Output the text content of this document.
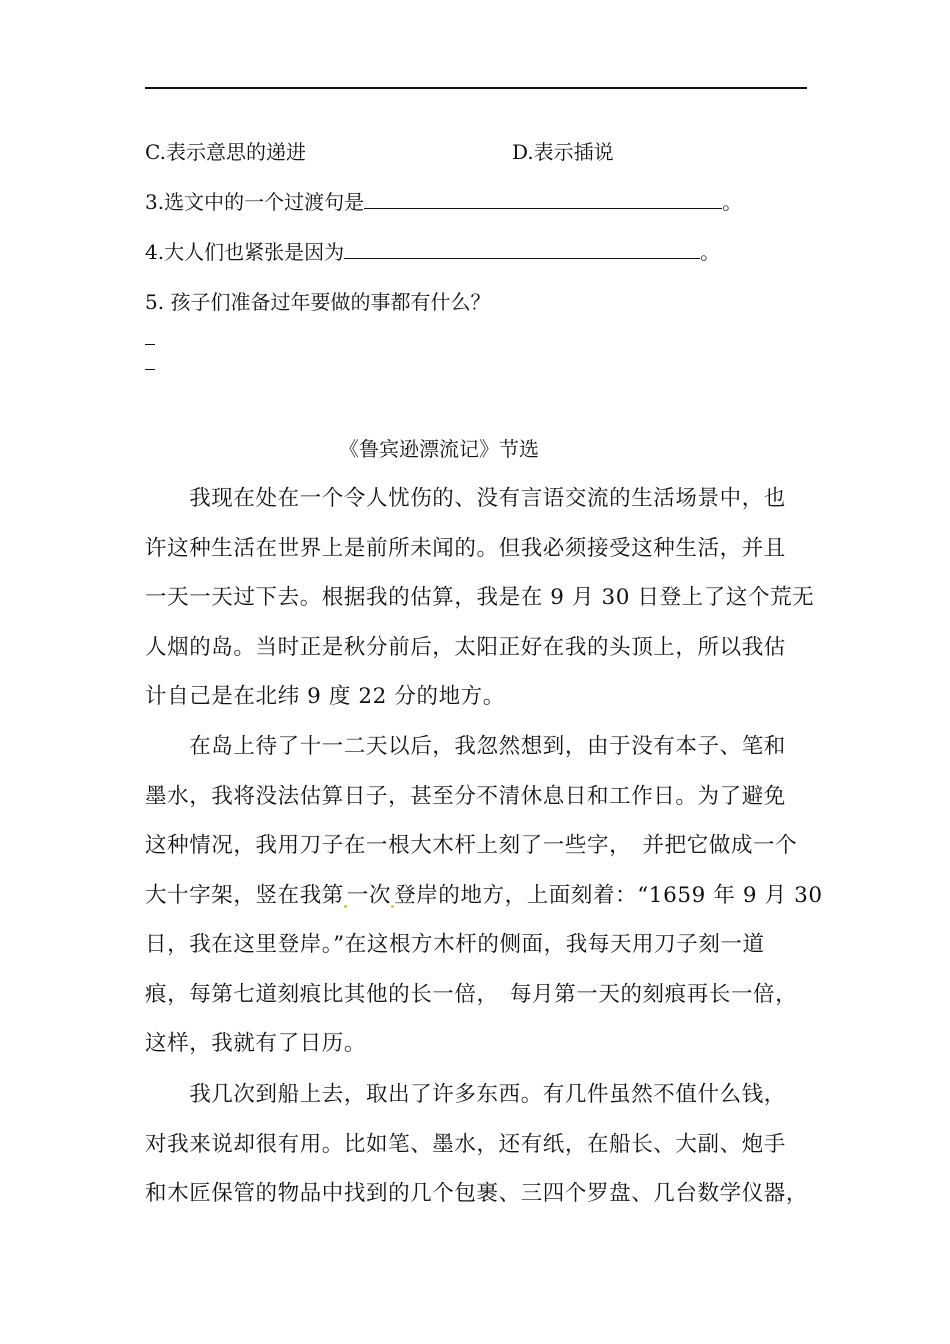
C.表示意思的递进	D.表示插说
3.选文中的一个过渡句是	。
4.大人们也紧张是因为	。
5. 孩子们准备过年要做的事都有什么？
《鲁宾逊漂流记》节选
　　我现在处在一个令人忧伤的、没有言语交流的生活场景中，也
许这种生活在世界上是前所未闻的。但我必须接受这种生活，并且
一天一天过下去。根据我的估算，我是在 9 月 30 日登上了这个荒无
人烟的岛。当时正是秋分前后，太阳正好在我的头顶上，所以我估
计自己是在北纬 9 度 22 分的地方。
　　在岛上待了十一二天以后，我忽然想到，由于没有本子、笔和
墨水，我将没法估算日子，甚至分不清休息日和工作日。为了避免
这种情况，我用刀子在一根大木杆上刻了一些字，　并把它做成一个
大十字架，竖在我第 一次 登岸的地方，上面刻着：“1659 年 9 月 30
日，我在这里登岸。”在这根方木杆的侧面，我每天用刀子刻一道
痕，每第七道刻痕比其他的长一倍，　每月第一天的刻痕再长一倍，
这样，我就有了日历。
　　我几次到船上去，取出了许多东西。有几件虽然不值什么钱，
对我来说却很有用。比如笔、墨水，还有纸，在船长、大副、炮手
和木匠保管的物品中找到的几个包裹、三四个罗盘、几台数学仪器，
